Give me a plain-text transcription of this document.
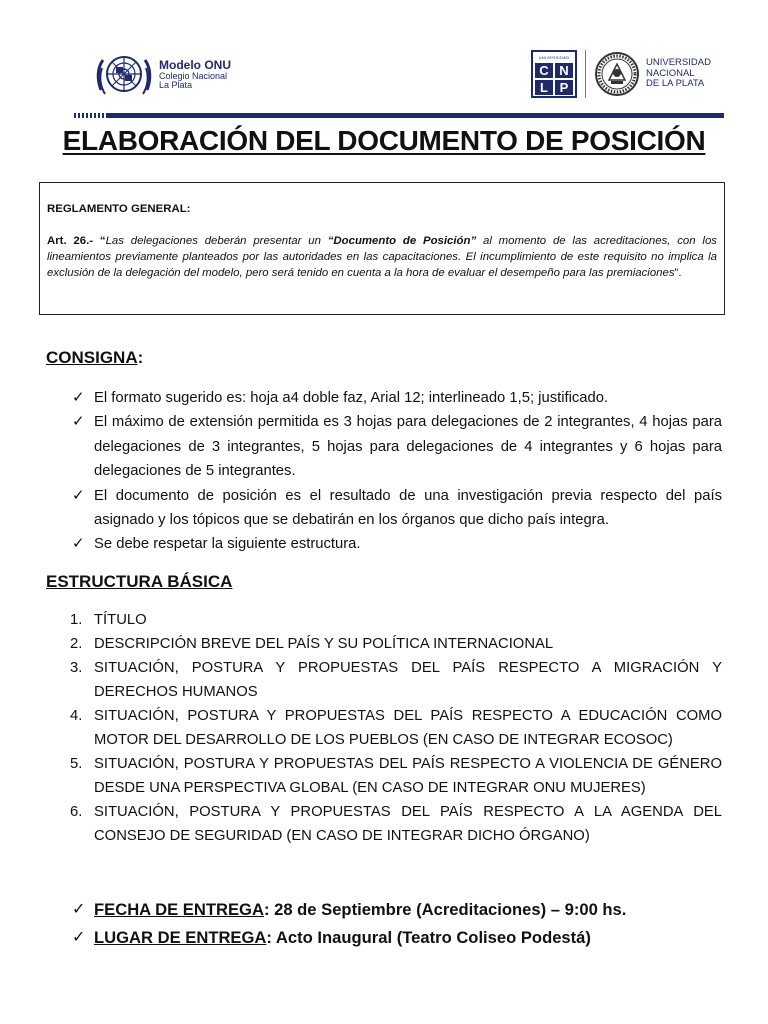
Modelo ONU
Colegio Nacional
La Plata
UNIVERSIDAD
C N
L P
UNIVERSIDAD
NACIONAL
DE LA PLATA
ELABORACIÓN DEL DOCUMENTO DE POSICIÓN
REGLAMENTO GENERAL:
Art. 26.- “Las delegaciones deberán presentar un “Documento de Posición” al momento de las acreditaciones, con los lineamientos previamente planteados por las autoridades en las capacitaciones. El incumplimiento de este requisito no implica la exclusión de la delegación del modelo, pero será tenido en cuenta a la hora de evaluar el desempeño para las premiaciones”.
CONSIGNA:
✓ El formato sugerido es: hoja a4 doble faz, Arial 12; interlineado 1,5; justificado.
✓ El máximo de extensión permitida es 3 hojas para delegaciones de 2 integrantes, 4 hojas para delegaciones de 3 integrantes, 5 hojas para delegaciones de 4 integrantes y 6 hojas para delegaciones de 5 integrantes.
✓ El documento de posición es el resultado de una investigación previa respecto del país asignado y los tópicos que se debatirán en los órganos que dicho país integra.
✓ Se debe respetar la siguiente estructura.
ESTRUCTURA BÁSICA
1. TÍTULO
2. DESCRIPCIÓN BREVE DEL PAÍS Y SU POLÍTICA INTERNACIONAL
3. SITUACIÓN, POSTURA Y PROPUESTAS DEL PAÍS RESPECTO A MIGRACIÓN Y DERECHOS HUMANOS
4. SITUACIÓN, POSTURA Y PROPUESTAS DEL PAÍS RESPECTO A EDUCACIÓN COMO MOTOR DEL DESARROLLO DE LOS PUEBLOS (EN CASO DE INTEGRAR ECOSOC)
5. SITUACIÓN, POSTURA Y PROPUESTAS DEL PAÍS RESPECTO A VIOLENCIA DE GÉNERO DESDE UNA PERSPECTIVA GLOBAL (EN CASO DE INTEGRAR ONU MUJERES)
6. SITUACIÓN, POSTURA Y PROPUESTAS DEL PAÍS RESPECTO A LA AGENDA DEL CONSEJO DE SEGURIDAD (EN CASO DE INTEGRAR DICHO ÓRGANO)
✓ FECHA DE ENTREGA: 28 de Septiembre (Acreditaciones) – 9:00 hs.
✓ LUGAR DE ENTREGA: Acto Inaugural (Teatro Coliseo Podestá)
